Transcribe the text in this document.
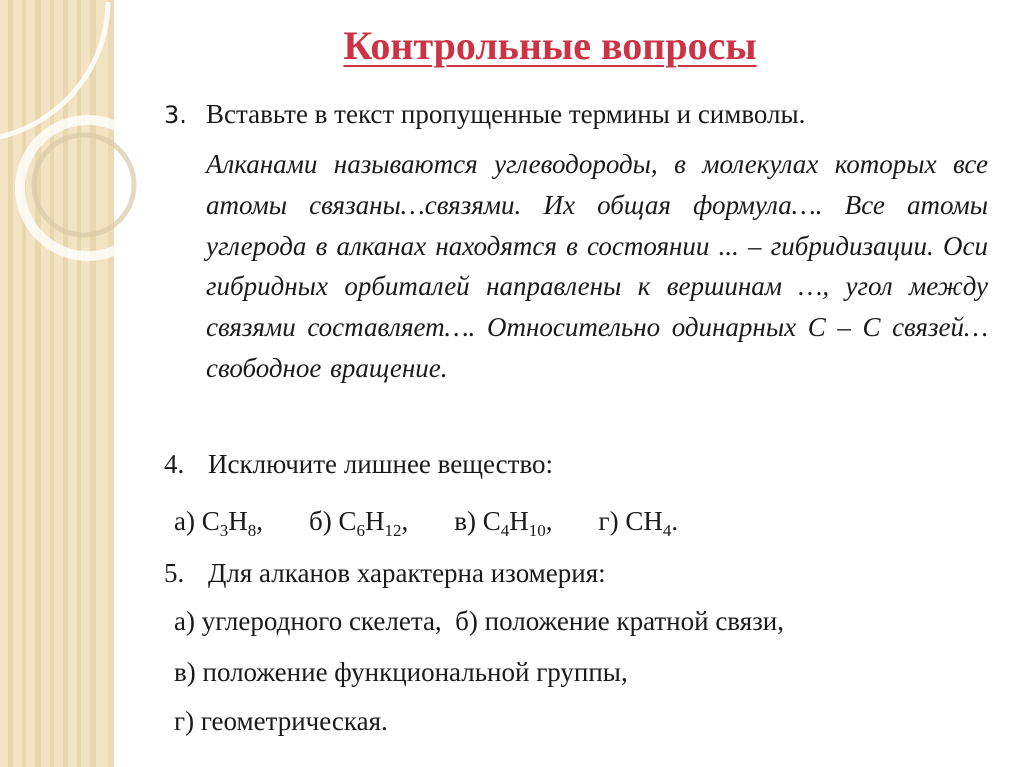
Контрольные вопросы
3. Вставьте в текст пропущенные термины и символы.

Алканами называются углеводороды, в молекулах которых все атомы связаны…связями. Их общая формула…. Все атомы углерода в алканах находятся в состоянии ... – гибридизации. Оси гибридных орбиталей направлены к вершинам …, угол между связями составляет…. Относительно одинарных С – С связей… свободное вращение.

4. Исключите лишнее вещество:
а) $C_3H_8$, б) $C_6H_{12}$, в) $C_4H_{10}$, г) $CH_4$.
5. Для алканов характерна изомерия:
а) углеродного скелета,  б) положение кратной связи,
в) положение функциональной группы,
г) геометрическая.
